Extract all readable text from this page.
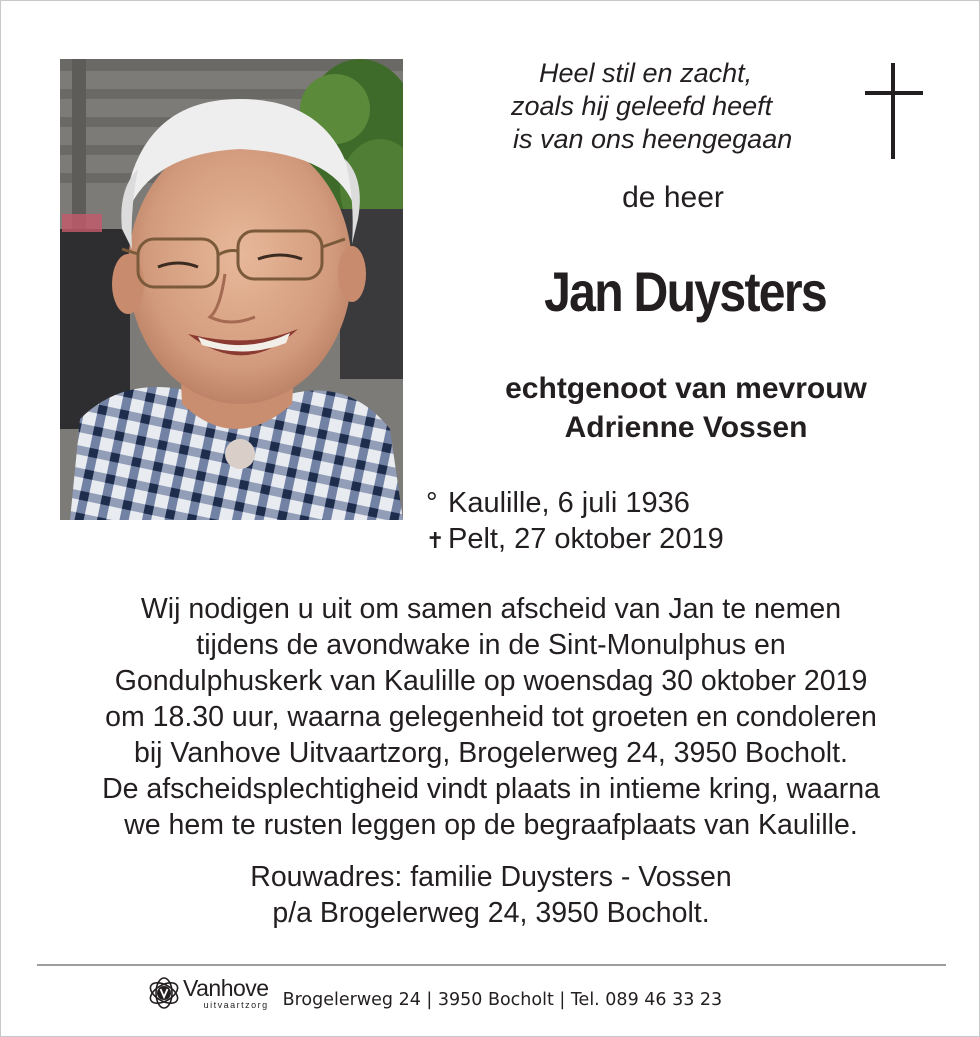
Heel stil en zacht,
zoals hij geleefd heeft
is van ons heengegaan
de heer
Jan Duysters
echtgenoot van mevrouw
Adrienne Vossen
° Kaulille, 6 juli 1936
✝ Pelt, 27 oktober 2019
Wij nodigen u uit om samen afscheid van Jan te nemen
tijdens de avondwake in de Sint-Monulphus en
Gondulphuskerk van Kaulille op woensdag 30 oktober 2019
om 18.30 uur, waarna gelegenheid tot groeten en condoleren
bij Vanhove Uitvaartzorg, Brogelerweg 24, 3950 Bocholt.
De afscheidsplechtigheid vindt plaats in intieme kring, waarna
we hem te rusten leggen op de begraafplaats van Kaulille.
Rouwadres: familie Duysters - Vossen
p/a Brogelerweg 24, 3950 Bocholt.
Vanhove
uitvaartzorg Brogelerweg 24 | 3950 Bocholt | Tel. 089 46 33 23
